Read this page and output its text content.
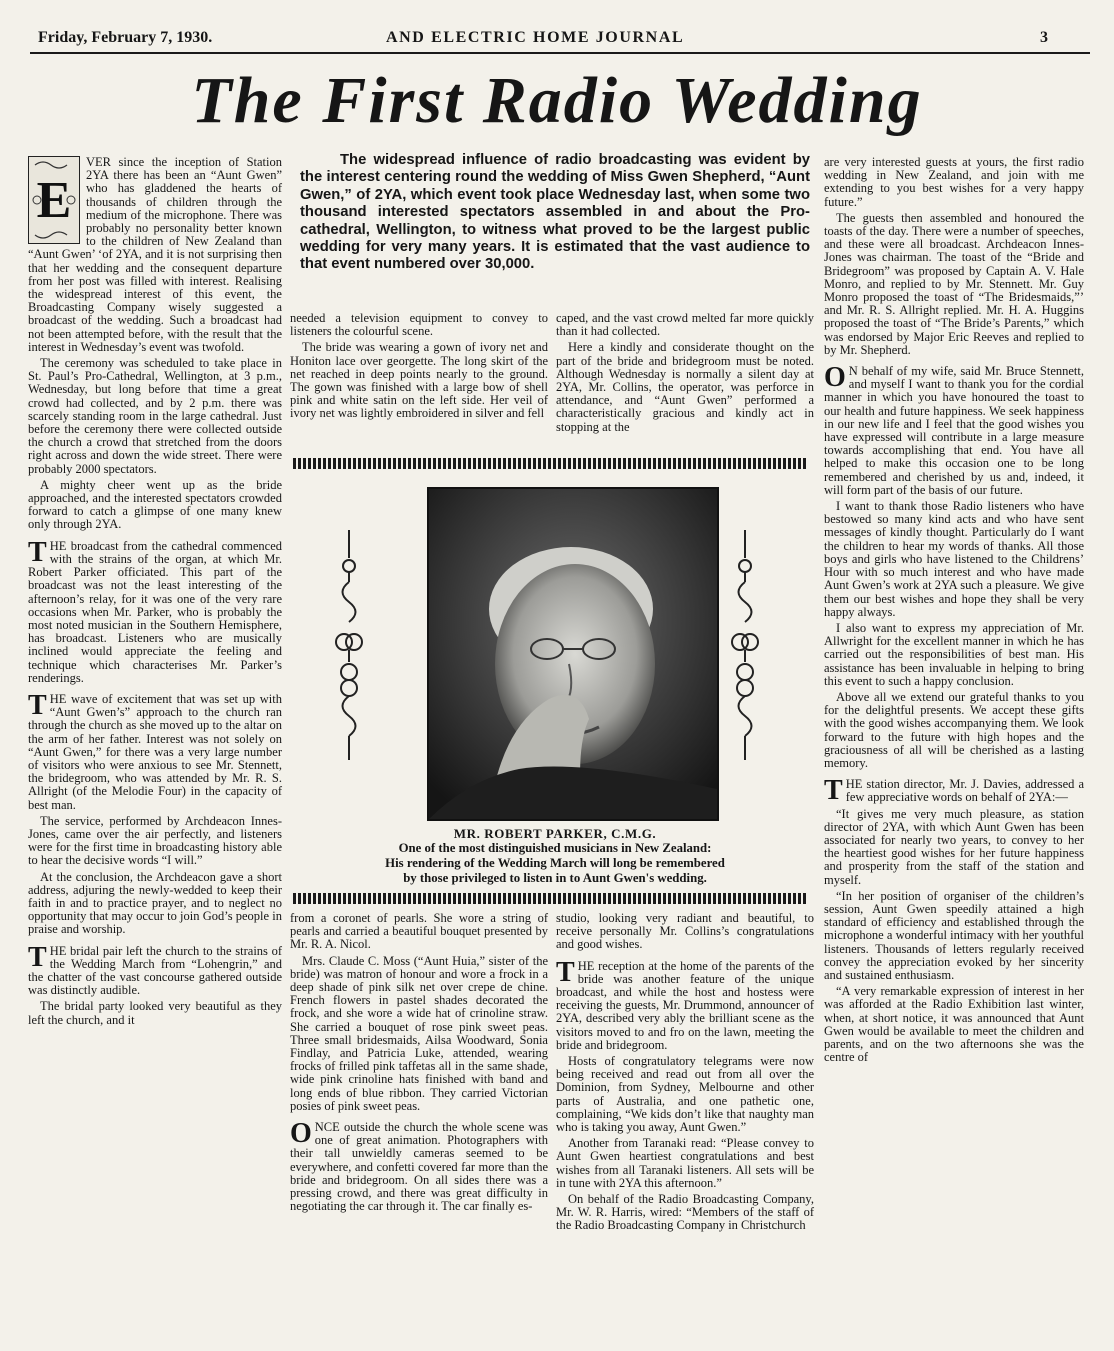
Friday, February 7, 1930.	AND ELECTRIC HOME JOURNAL	3
The First Radio Wedding

E
VER since the inception of Station 2YA there has been an “Aunt Gwen” who has gladdened the hearts of thousands of children through the medium of the microphone. There was probably no personality better known to the children of New Zealand than “Aunt Gwen’ ‘of 2YA, and it is not surprising then that her wedding and the consequent departure from her post was filled with interest. Realising the widespread interest of this event, the Broadcasting Company wisely suggested a broadcast of the wedding. Such a broadcast had not been attempted before, with the result that the interest in Wednesday’s event was twofold.

The ceremony was scheduled to take place in St. Paul’s Pro-Cathedral, Wellington, at 3 p.m., Wednesday, but long before that time a great crowd had collected, and by 2 p.m. there was scarcely standing room in the large cathedral. Just before the ceremony there were collected outside the church a crowd that stretched from the doors right across and down the wide street. There were probably 2000 spectators.

A mighty cheer went up as the bride approached, and the interested spectators crowded forward to catch a glimpse of one many knew only through 2YA.

THE broadcast from the cathedral commenced with the strains of the organ, at which Mr. Robert Parker officiated. This part of the broadcast was not the least interesting of the afternoon’s relay, for it was one of the very rare occasions when Mr. Parker, who is probably the most noted musician in the Southern Hemisphere, has broadcast. Listeners who are musically inclined would appreciate the feeling and technique which characterises Mr. Parker’s renderings.

THE wave of excitement that was set up with “Aunt Gwen’s” approach to the church ran through the church as she moved up to the altar on the arm of her father. Interest was not solely on “Aunt Gwen,” for there was a very large number of visitors who were anxious to see Mr. Stennett, the bridegroom, who was attended by Mr. R. S. Allright (of the Melodie Four) in the capacity of best man.

The service, performed by Archdeacon Innes-Jones, came over the air perfectly, and listeners were for the first time in broadcasting history able to hear the decisive words “I will.”

At the conclusion, the Archdeacon gave a short address, adjuring the newly-wedded to keep their faith in and to practice prayer, and to neglect no opportunity that may occur to join God’s people in praise and worship.

THE bridal pair left the church to the strains of the Wedding March from “Lohengrin,” and the chatter of the vast concourse gathered outside was distinctly audible.

The bridal party looked very beautiful as they left the church, and it

The widespread influence of radio broadcasting was evident by the interest centering round the wedding of Miss Gwen Shepherd, “Aunt Gwen,” of 2YA, which event took place Wednesday last, when some two thousand interested spectators assembled in and about the Pro-cathedral, Wellington, to witness what proved to be the largest public wedding for very many years. It is estimated that the vast audience to that event numbered over 30,000.

needed a television equipment to convey to listeners the colourful scene.

The bride was wearing a gown of ivory net and Honiton lace over georgette. The long skirt of the net reached in deep points nearly to the ground. The gown was finished with a large bow of shell pink and white satin on the left side. Her veil of ivory net was lightly embroidered in silver and fell

caped, and the vast crowd melted far more quickly than it had collected.

Here a kindly and considerate thought on the part of the bride and bridegroom must be noted. Although Wednesday is normally a silent day at 2YA, Mr. Collins, the operator, was perforce in attendance, and “Aunt Gwen” performed a characteristically gracious and kindly act in stopping at the

MR. ROBERT PARKER, C.M.G.
One of the most distinguished musicians in New Zealand:
His rendering of the Wedding March will long be remembered
by those privileged to listen in to Aunt Gwen's wedding.

from a coronet of pearls. She wore a string of pearls and carried a beautiful bouquet presented by Mr. R. A. Nicol.

Mrs. Claude C. Moss (“Aunt Huia,” sister of the bride) was matron of honour and wore a frock in a deep shade of pink silk net over crepe de chine. French flowers in pastel shades decorated the frock, and she wore a wide hat of crinoline straw. She carried a bouquet of rose pink sweet peas. Three small bridesmaids, Ailsa Woodward, Sonia Findlay, and Patricia Luke, attended, wearing frocks of frilled pink taffetas all in the same shade, wide pink crinoline hats finished with band and long ends of blue ribbon. They carried Victorian posies of pink sweet peas.

ONCE outside the church the whole scene was one of great animation. Photographers with their tall unwieldly cameras seemed to be everywhere, and confetti covered far more than the bride and bridegroom. On all sides there was a pressing crowd, and there was great difficulty in negotiating the car through it. The car finally es-

studio, looking very radiant and beautiful, to receive personally Mr. Collins’s congratulations and good wishes.

THE reception at the home of the parents of the bride was another feature of the unique broadcast, and while the host and hostess were receiving the guests, Mr. Drummond, announcer of 2YA, described very ably the brilliant scene as the visitors moved to and fro on the lawn, meeting the bride and bridegroom.

Hosts of congratulatory telegrams were now being received and read out from all over the Dominion, from Sydney, Melbourne and other parts of Australia, and one pathetic one, complaining, “We kids don’t like that naughty man who is taking you away, Aunt Gwen.”

Another from Taranaki read: “Please convey to Aunt Gwen heartiest congratulations and best wishes from all Taranaki listeners. All sets will be in tune with 2YA this afternoon.”

On behalf of the Radio Broadcasting Company, Mr. W. R. Harris, wired: “Members of the staff of the Radio Broadcasting Company in Christchurch

are very interested guests at yours, the first radio wedding in New Zealand, and join with me extending to you best wishes for a very happy future.”

The guests then assembled and honoured the toasts of the day. There were a number of speeches, and these were all broadcast. Archdeacon Innes-Jones was chairman. The toast of the “Bride and Bridegroom” was proposed by Captain A. V. Hale Monro, and replied to by Mr. Stennett. Mr. Guy Monro proposed the toast of “The Bridesmaids,”’ and Mr. R. S. Allright replied. Mr. H. A. Huggins proposed the toast of “The Bride’s Parents,” which was endorsed by Major Eric Reeves and replied to by Mr. Shepherd.

O N behalf of my wife, said Mr. Bruce Stennett, and myself I want to thank you for the cordial manner in which you have honoured the toast to our health and future happiness. We seek happiness in our new life and I feel that the good wishes you have expressed will contribute in a large measure towards accomplishing that end. You have all helped to make this occasion one to be long remembered and cherished by us and, indeed, it will form part of the basis of our future.

I want to thank those Radio listeners who have bestowed so many kind acts and who have sent messages of kindly thought. Particularly do I want the children to hear my words of thanks. All those boys and girls who have listened to the Childrens’ Hour with so much interest and who have made Aunt Gwen’s work at 2YA such a pleasure. We give them our best wishes and hope they shall be very happy always.

I also want to express my appreciation of Mr. Allwright for the excellent manner in which he has carried out the responsibilities of best man. His assistance has been invaluable in helping to bring this event to such a happy conclusion.

Above all we extend our grateful thanks to you for the delightful presents. We accept these gifts with the good wishes accompanying them. We look forward to the future with high hopes and the graciousness of all will be cherished as a lasting memory.

THE station director, Mr. J. Davies, addressed a few appreciative words on behalf of 2YA:—

“It gives me very much pleasure, as station director of 2YA, with which Aunt Gwen has been associated for nearly two years, to convey to her the heartiest good wishes for her future happiness and prosperity from the staff of the station and myself.

“In her position of organiser of the children’s session, Aunt Gwen speedily attained a high standard of efficiency and established through the microphone a wonderful intimacy with her youthful listeners. Thousands of letters regularly received convey the appreciation evoked by her sincerity and sustained enthusiasm.

“A very remarkable expression of interest in her was afforded at the Radio Exhibition last winter, when, at short notice, it was announced that Aunt Gwen would be available to meet the children and parents, and on the two afternoons she was the centre of
